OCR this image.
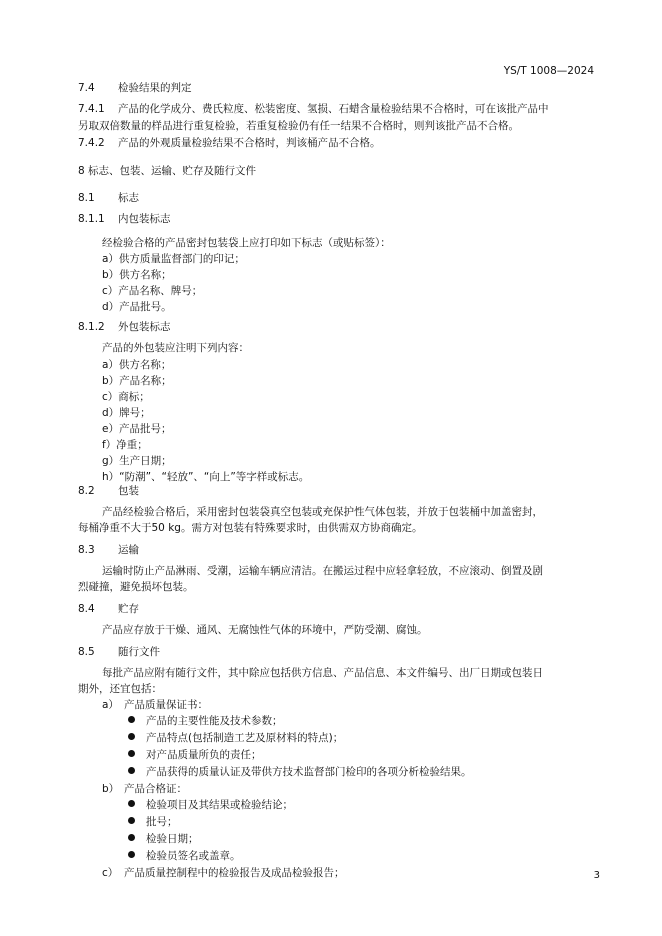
YS/T 1008—2024
7.4 检验结果的判定
7.4.1 产品的化学成分、费氏粒度、松装密度、氢损、石蜡含量检验结果不合格时，可在该批产品中
另取双倍数量的样品进行重复检验，若重复检验仍有任一结果不合格时，则判该批产品不合格。
7.4.2 产品的外观质量检验结果不合格时，判该桶产品不合格。
8 标志、包装、运输、贮存及随行文件
8.1 标志
8.1.1 内包装标志
经检验合格的产品密封包装袋上应打印如下标志（或贴标签）：
a）供方质量监督部门的印记；
b）供方名称；
c）产品名称、牌号；
d）产品批号。
8.1.2 外包装标志
产品的外包装应注明下列内容：
a）供方名称；
b）产品名称；
c）商标；
d）牌号；
e）产品批号；
f）净重；
g）生产日期；
h）“防潮”、“轻放”、“向上”等字样或标志。
8.2 包装
产品经检验合格后，采用密封包装袋真空包装或充保护性气体包装，并放于包装桶中加盖密封，
每桶净重不大于50 kg。需方对包装有特殊要求时，由供需双方协商确定。
8.3 运输
运输时防止产品淋雨、受潮，运输车辆应清洁。在搬运过程中应轻拿轻放，不应滚动、倒置及剧
烈碰撞，避免损坏包装。
8.4 贮存
产品应存放于干燥、通风、无腐蚀性气体的环境中，严防受潮、腐蚀。
8.5 随行文件
每批产品应附有随行文件，其中除应包括供方信息、产品信息、本文件编号、出厂日期或包装日
期外，还宜包括：
a） 产品质量保证书：
产品的主要性能及技术参数；
产品特点(包括制造工艺及原材料的特点)；
对产品质量所负的责任；
产品获得的质量认证及带供方技术监督部门检印的各项分析检验结果。
b） 产品合格证：
检验项目及其结果或检验结论；
批号；
检验日期；
检验员签名或盖章。
c） 产品质量控制程中的检验报告及成品检验报告；	3
